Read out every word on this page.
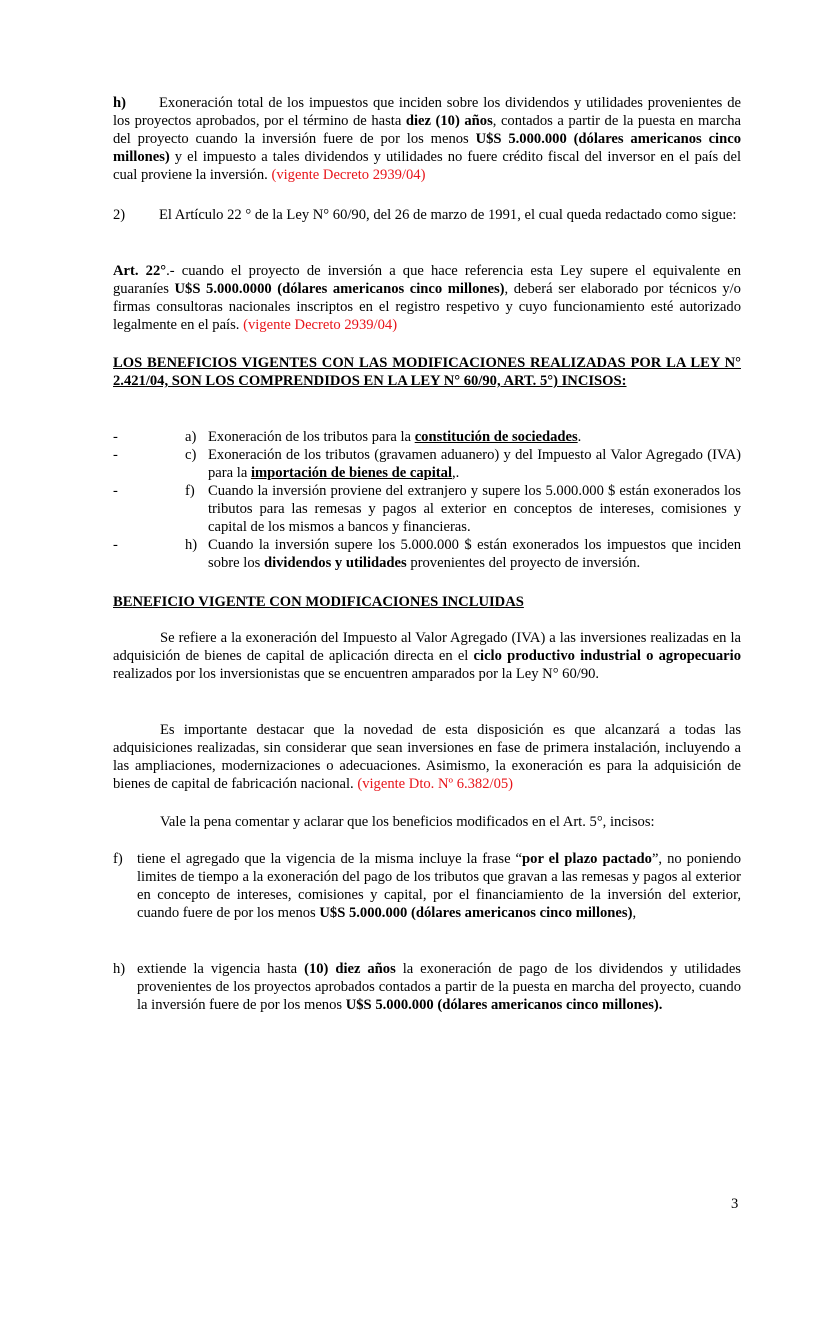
h) Exoneración total de los impuestos que inciden sobre los dividendos y utilidades provenientes de los proyectos aprobados, por el término de hasta diez (10) años, contados a partir de la puesta en marcha del proyecto cuando la inversión fuere de por los menos U$S 5.000.000 (dólares americanos cinco millones) y el impuesto a tales dividendos y utilidades no fuere crédito fiscal del inversor en el país del cual proviene la inversión. (vigente Decreto 2939/04)

2) El Artículo 22 ° de la Ley N° 60/90, del 26 de marzo de 1991, el cual queda redactado como sigue:

Art. 22°.- cuando el proyecto de inversión a que hace referencia esta Ley supere el equivalente en guaraníes U$S 5.000.0000 (dólares americanos cinco millones), deberá ser elaborado por técnicos y/o firmas consultoras nacionales inscriptos en el registro respetivo y cuyo funcionamiento esté autorizado legalmente en el país. (vigente Decreto 2939/04)

LOS BENEFICIOS VIGENTES CON LAS MODIFICACIONES REALIZADAS POR LA LEY N° 2.421/04, SON LOS COMPRENDIDOS EN LA LEY N° 60/90, ART. 5°) INCISOS:

-	a) Exoneración de los tributos para la constitución de sociedades.

-	c) Exoneración de los tributos (gravamen aduanero) y del Impuesto al Valor Agregado (IVA) para la importación de bienes de capital,.

-	f) Cuando la inversión proviene del extranjero y supere los 5.000.000 $ están exonerados los tributos para las remesas y pagos al exterior en conceptos de intereses, comisiones y capital de los mismos a bancos y financieras.

-	h) Cuando la inversión supere los 5.000.000 $ están exonerados los impuestos que inciden sobre los dividendos y utilidades provenientes del proyecto de inversión.

BENEFICIO VIGENTE CON MODIFICACIONES INCLUIDAS

Se refiere a la exoneración del Impuesto al Valor Agregado (IVA) a las inversiones realizadas en la adquisición de bienes de capital de aplicación directa en el ciclo productivo industrial o agropecuario realizados por los inversionistas que se encuentren amparados por la Ley N° 60/90.

Es importante destacar que la novedad de esta disposición es que alcanzará a todas las adquisiciones realizadas, sin considerar que sean inversiones en fase de primera instalación, incluyendo a las ampliaciones, modernizaciones o adecuaciones. Asimismo, la exoneración es para la adquisición de bienes de capital de fabricación nacional. (vigente Dto. Nº 6.382/05)

Vale la pena comentar y aclarar que los beneficios modificados en el Art. 5°, incisos:

f) tiene el agregado que la vigencia de la misma incluye la frase “por el plazo pactado”, no poniendo limites de tiempo a la exoneración del pago de los tributos que gravan a las remesas y pagos al exterior en concepto de intereses, comisiones y capital, por el financiamiento de la inversión del exterior, cuando fuere de por los menos U$S 5.000.000 (dólares americanos cinco millones),

h) extiende la vigencia hasta (10) diez años la exoneración de pago de los dividendos y utilidades provenientes de los proyectos aprobados contados a partir de la puesta en marcha del proyecto, cuando la inversión fuere de por los menos U$S 5.000.000 (dólares americanos cinco millones).

3
